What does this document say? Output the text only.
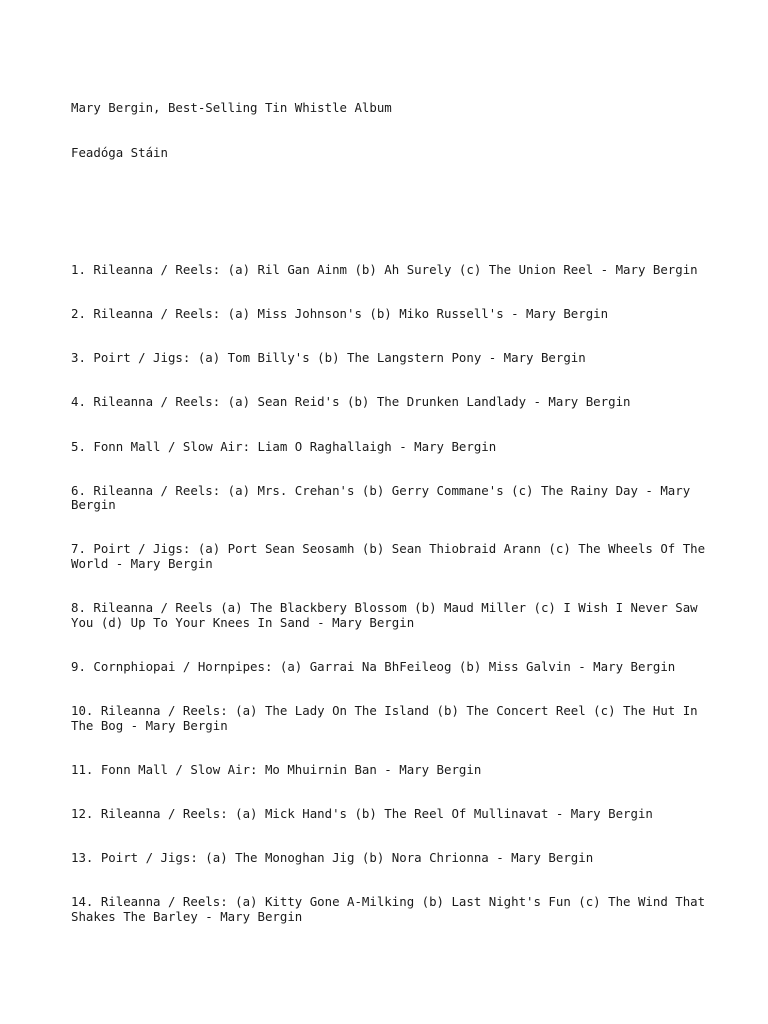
Mary Bergin, Best-Selling Tin Whistle Album

Feadóga Stáin

1. Rileanna / Reels: (a) Ril Gan Ainm (b) Ah Surely (c) The Union Reel - Mary Bergin

2. Rileanna / Reels: (a) Miss Johnson's (b) Miko Russell's - Mary Bergin

3. Poirt / Jigs: (a) Tom Billy's (b) The Langstern Pony - Mary Bergin

4. Rileanna / Reels: (a) Sean Reid's (b) The Drunken Landlady - Mary Bergin

5. Fonn Mall / Slow Air: Liam O Raghallaigh - Mary Bergin

6. Rileanna / Reels: (a) Mrs. Crehan's (b) Gerry Commane's (c) The Rainy Day - Mary Bergin

7. Poirt / Jigs: (a) Port Sean Seosamh (b) Sean Thiobraid Arann (c) The Wheels Of The World - Mary Bergin

8. Rileanna / Reels (a) The Blackbery Blossom (b) Maud Miller (c) I Wish I Never Saw You (d) Up To Your Knees In Sand - Mary Bergin

9. Cornphiopai / Hornpipes: (a) Garrai Na BhFeileog (b) Miss Galvin - Mary Bergin

10. Rileanna / Reels: (a) The Lady On The Island (b) The Concert Reel (c) The Hut In The Bog - Mary Bergin

11. Fonn Mall / Slow Air: Mo Mhuirnin Ban - Mary Bergin

12. Rileanna / Reels: (a) Mick Hand's (b) The Reel Of Mullinavat - Mary Bergin

13. Poirt / Jigs: (a) The Monoghan Jig (b) Nora Chrionna - Mary Bergin

14. Rileanna / Reels: (a) Kitty Gone A-Milking (b) Last Night's Fun (c) The Wind That Shakes The Barley - Mary Bergin
